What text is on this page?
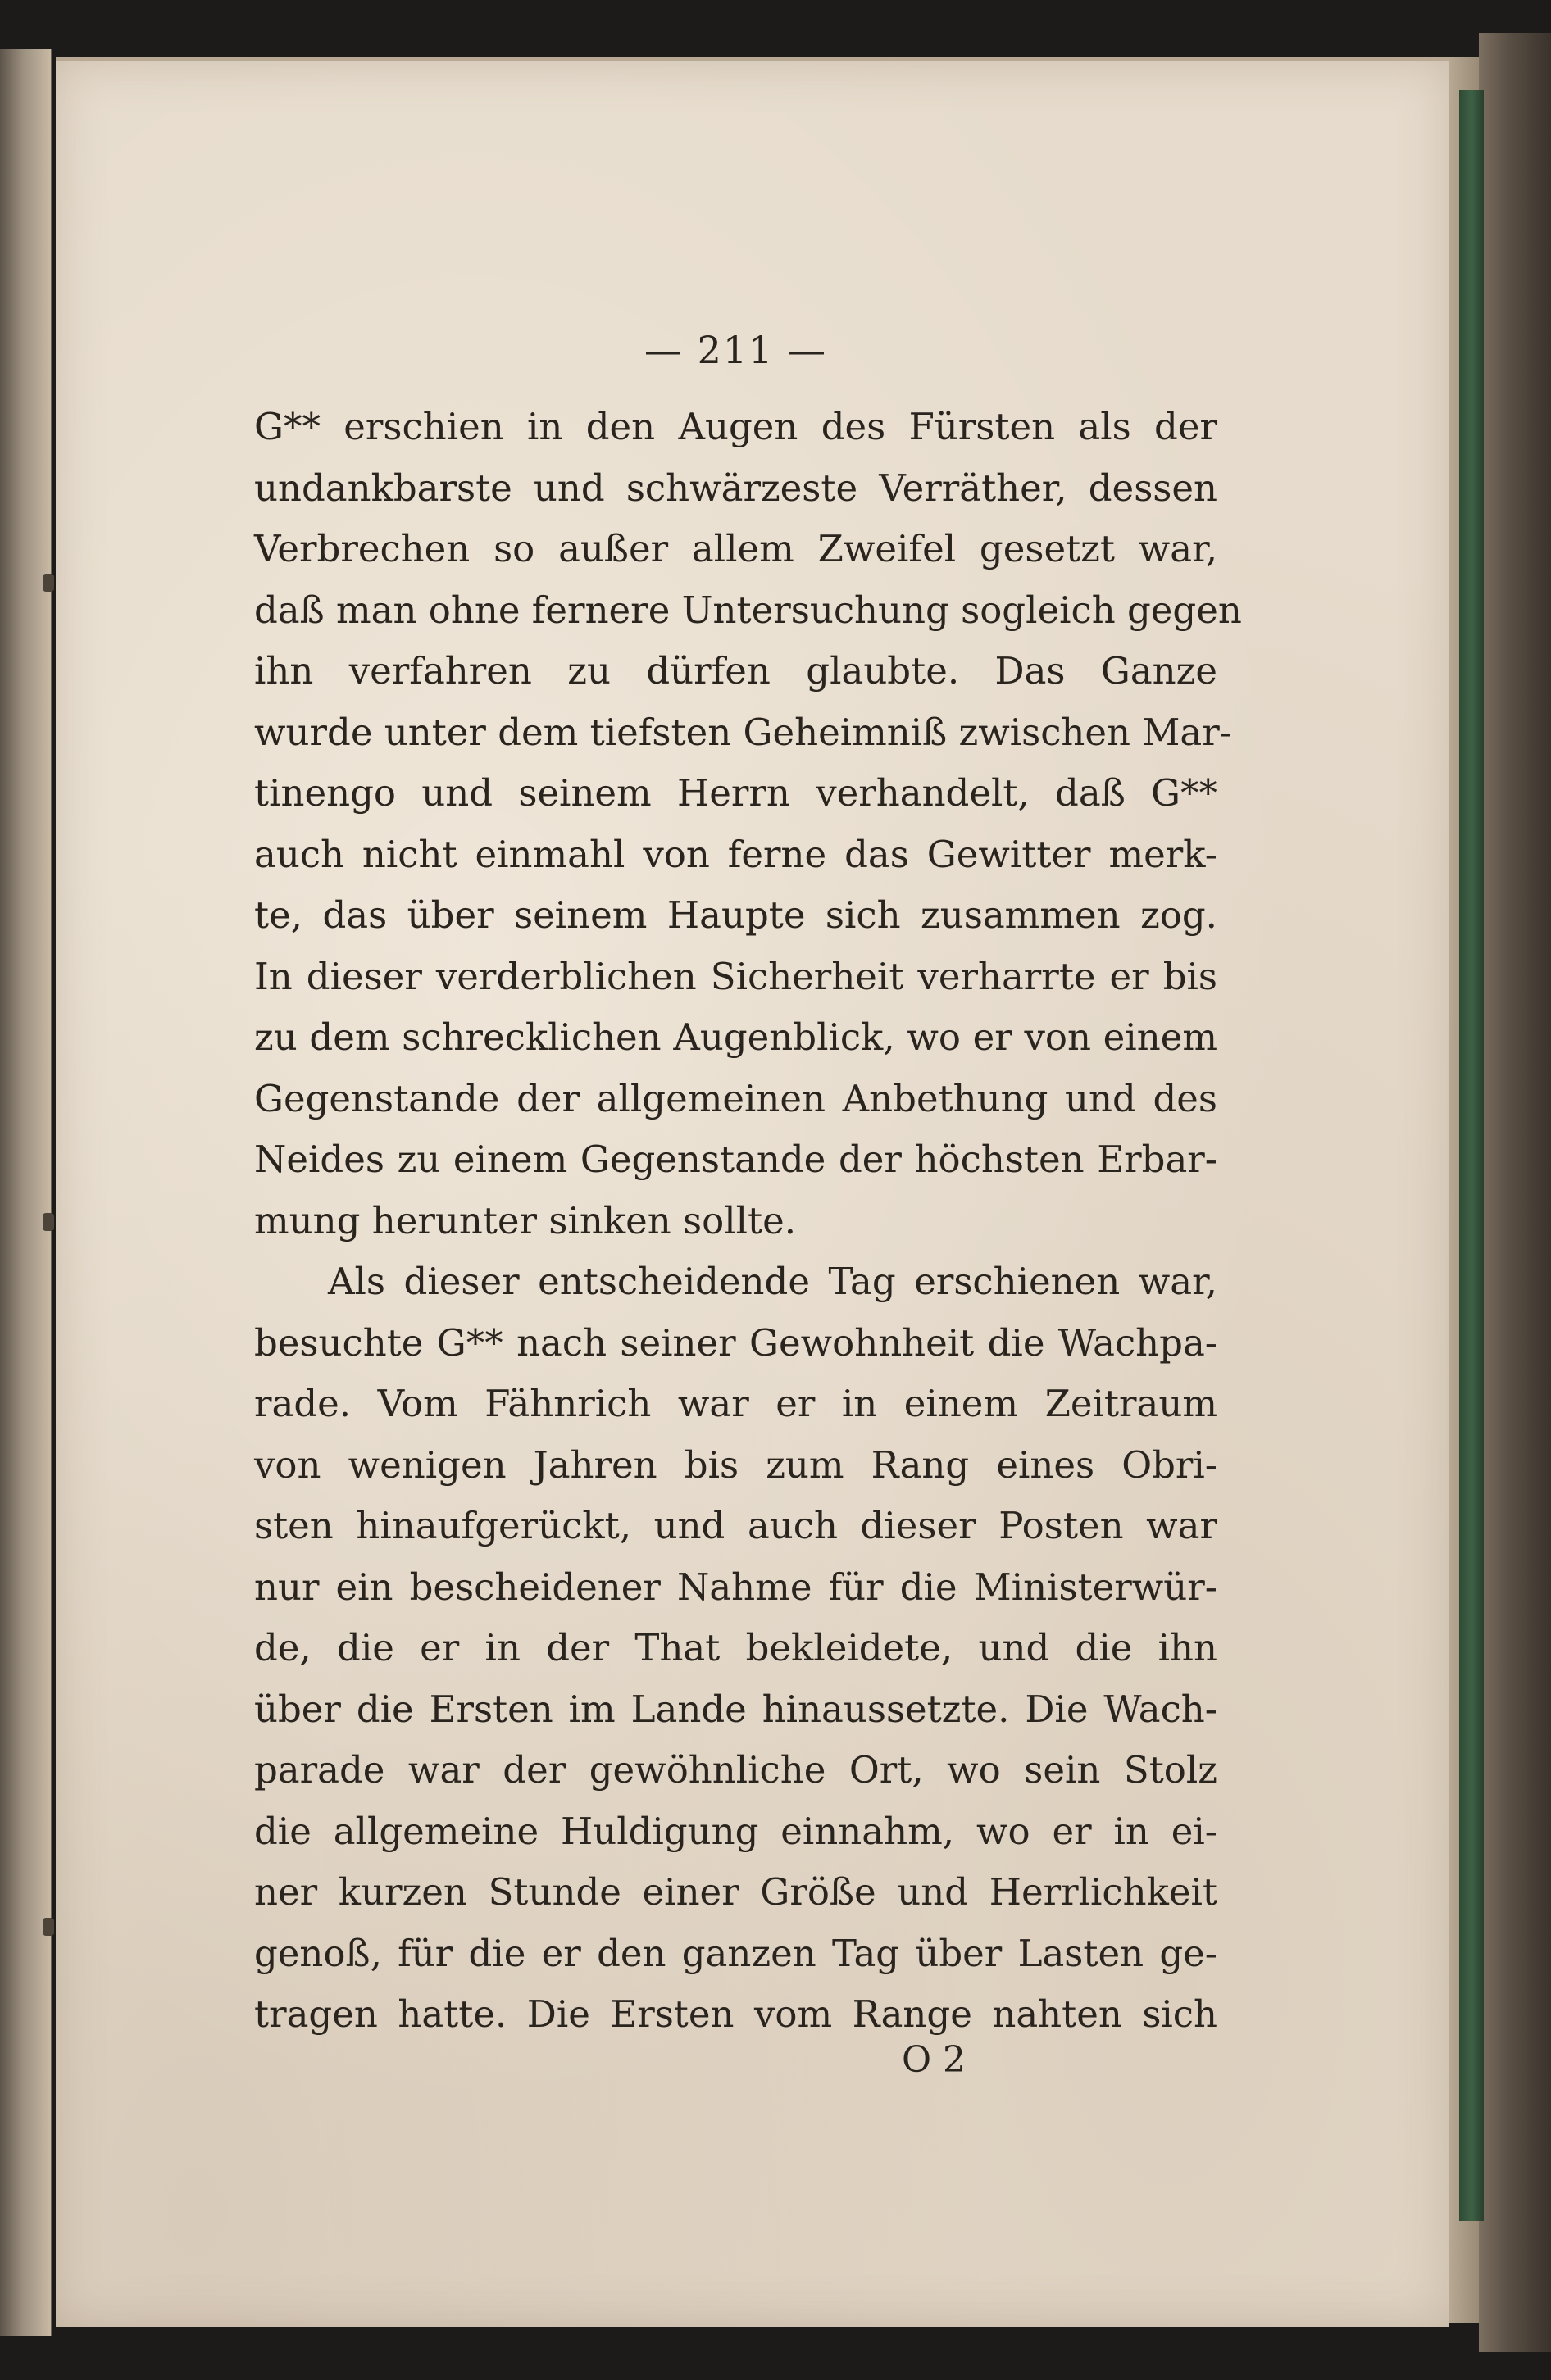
— 211 —
G** erschien in den Augen des Fürsten als der
undankbarste und schwärzeste Verräther, dessen
Verbrechen so außer allem Zweifel gesetzt war,
daß man ohne fernere Untersuchung sogleich gegen
ihn verfahren zu dürfen glaubte. Das Ganze
wurde unter dem tiefsten Geheimniß zwischen Mar-
tinengo und seinem Herrn verhandelt, daß G**
auch nicht einmahl von ferne das Gewitter merk-
te, das über seinem Haupte sich zusammen zog.
In dieser verderblichen Sicherheit verharrte er bis
zu dem schrecklichen Augenblick, wo er von einem
Gegenstande der allgemeinen Anbethung und des
Neides zu einem Gegenstande der höchsten Erbar-
mung herunter sinken sollte.
Als dieser entscheidende Tag erschienen war,
besuchte G** nach seiner Gewohnheit die Wachpa-
rade. Vom Fähnrich war er in einem Zeitraum
von wenigen Jahren bis zum Rang eines Obri-
sten hinaufgerückt, und auch dieser Posten war
nur ein bescheidener Nahme für die Ministerwür-
de, die er in der That bekleidete, und die ihn
über die Ersten im Lande hinaussetzte. Die Wach-
parade war der gewöhnliche Ort, wo sein Stolz
die allgemeine Huldigung einnahm, wo er in ei-
ner kurzen Stunde einer Größe und Herrlichkeit
genoß, für die er den ganzen Tag über Lasten ge-
tragen hatte. Die Ersten vom Range nahten sich
O 2
